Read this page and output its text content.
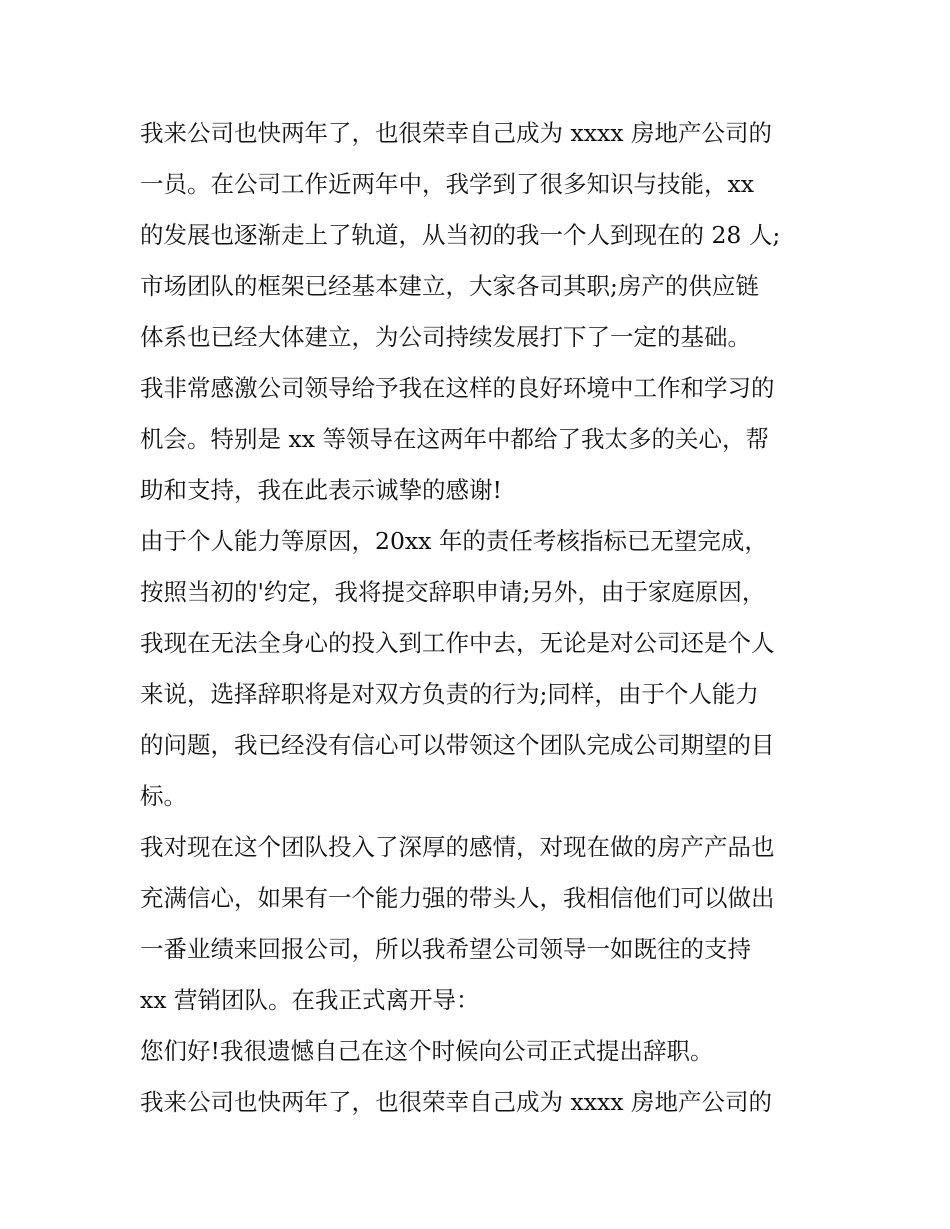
我来公司也快两年了，也很荣幸自己成为 xxxx 房地产公司的
一员。在公司工作近两年中，我学到了很多知识与技能，xx
的发展也逐渐走上了轨道，从当初的我一个人到现在的 28 人;
市场团队的框架已经基本建立，大家各司其职;房产的供应链
体系也已经大体建立，为公司持续发展打下了一定的基础。
我非常感激公司领导给予我在这样的良好环境中工作和学习的
机会。特别是 xx 等领导在这两年中都给了我太多的关心，帮
助和支持，我在此表示诚挚的感谢!
由于个人能力等原因，20xx 年的责任考核指标已无望完成，
按照当初的'约定，我将提交辞职申请;另外，由于家庭原因，
我现在无法全身心的投入到工作中去，无论是对公司还是个人
来说，选择辞职将是对双方负责的行为;同样，由于个人能力
的问题，我已经没有信心可以带领这个团队完成公司期望的目
标。
我对现在这个团队投入了深厚的感情，对现在做的房产产品也
充满信心，如果有一个能力强的带头人，我相信他们可以做出
一番业绩来回报公司，所以我希望公司领导一如既往的支持
xx 营销团队。在我正式离开导：
您们好!我很遗憾自己在这个时候向公司正式提出辞职。
我来公司也快两年了，也很荣幸自己成为 xxxx 房地产公司的
